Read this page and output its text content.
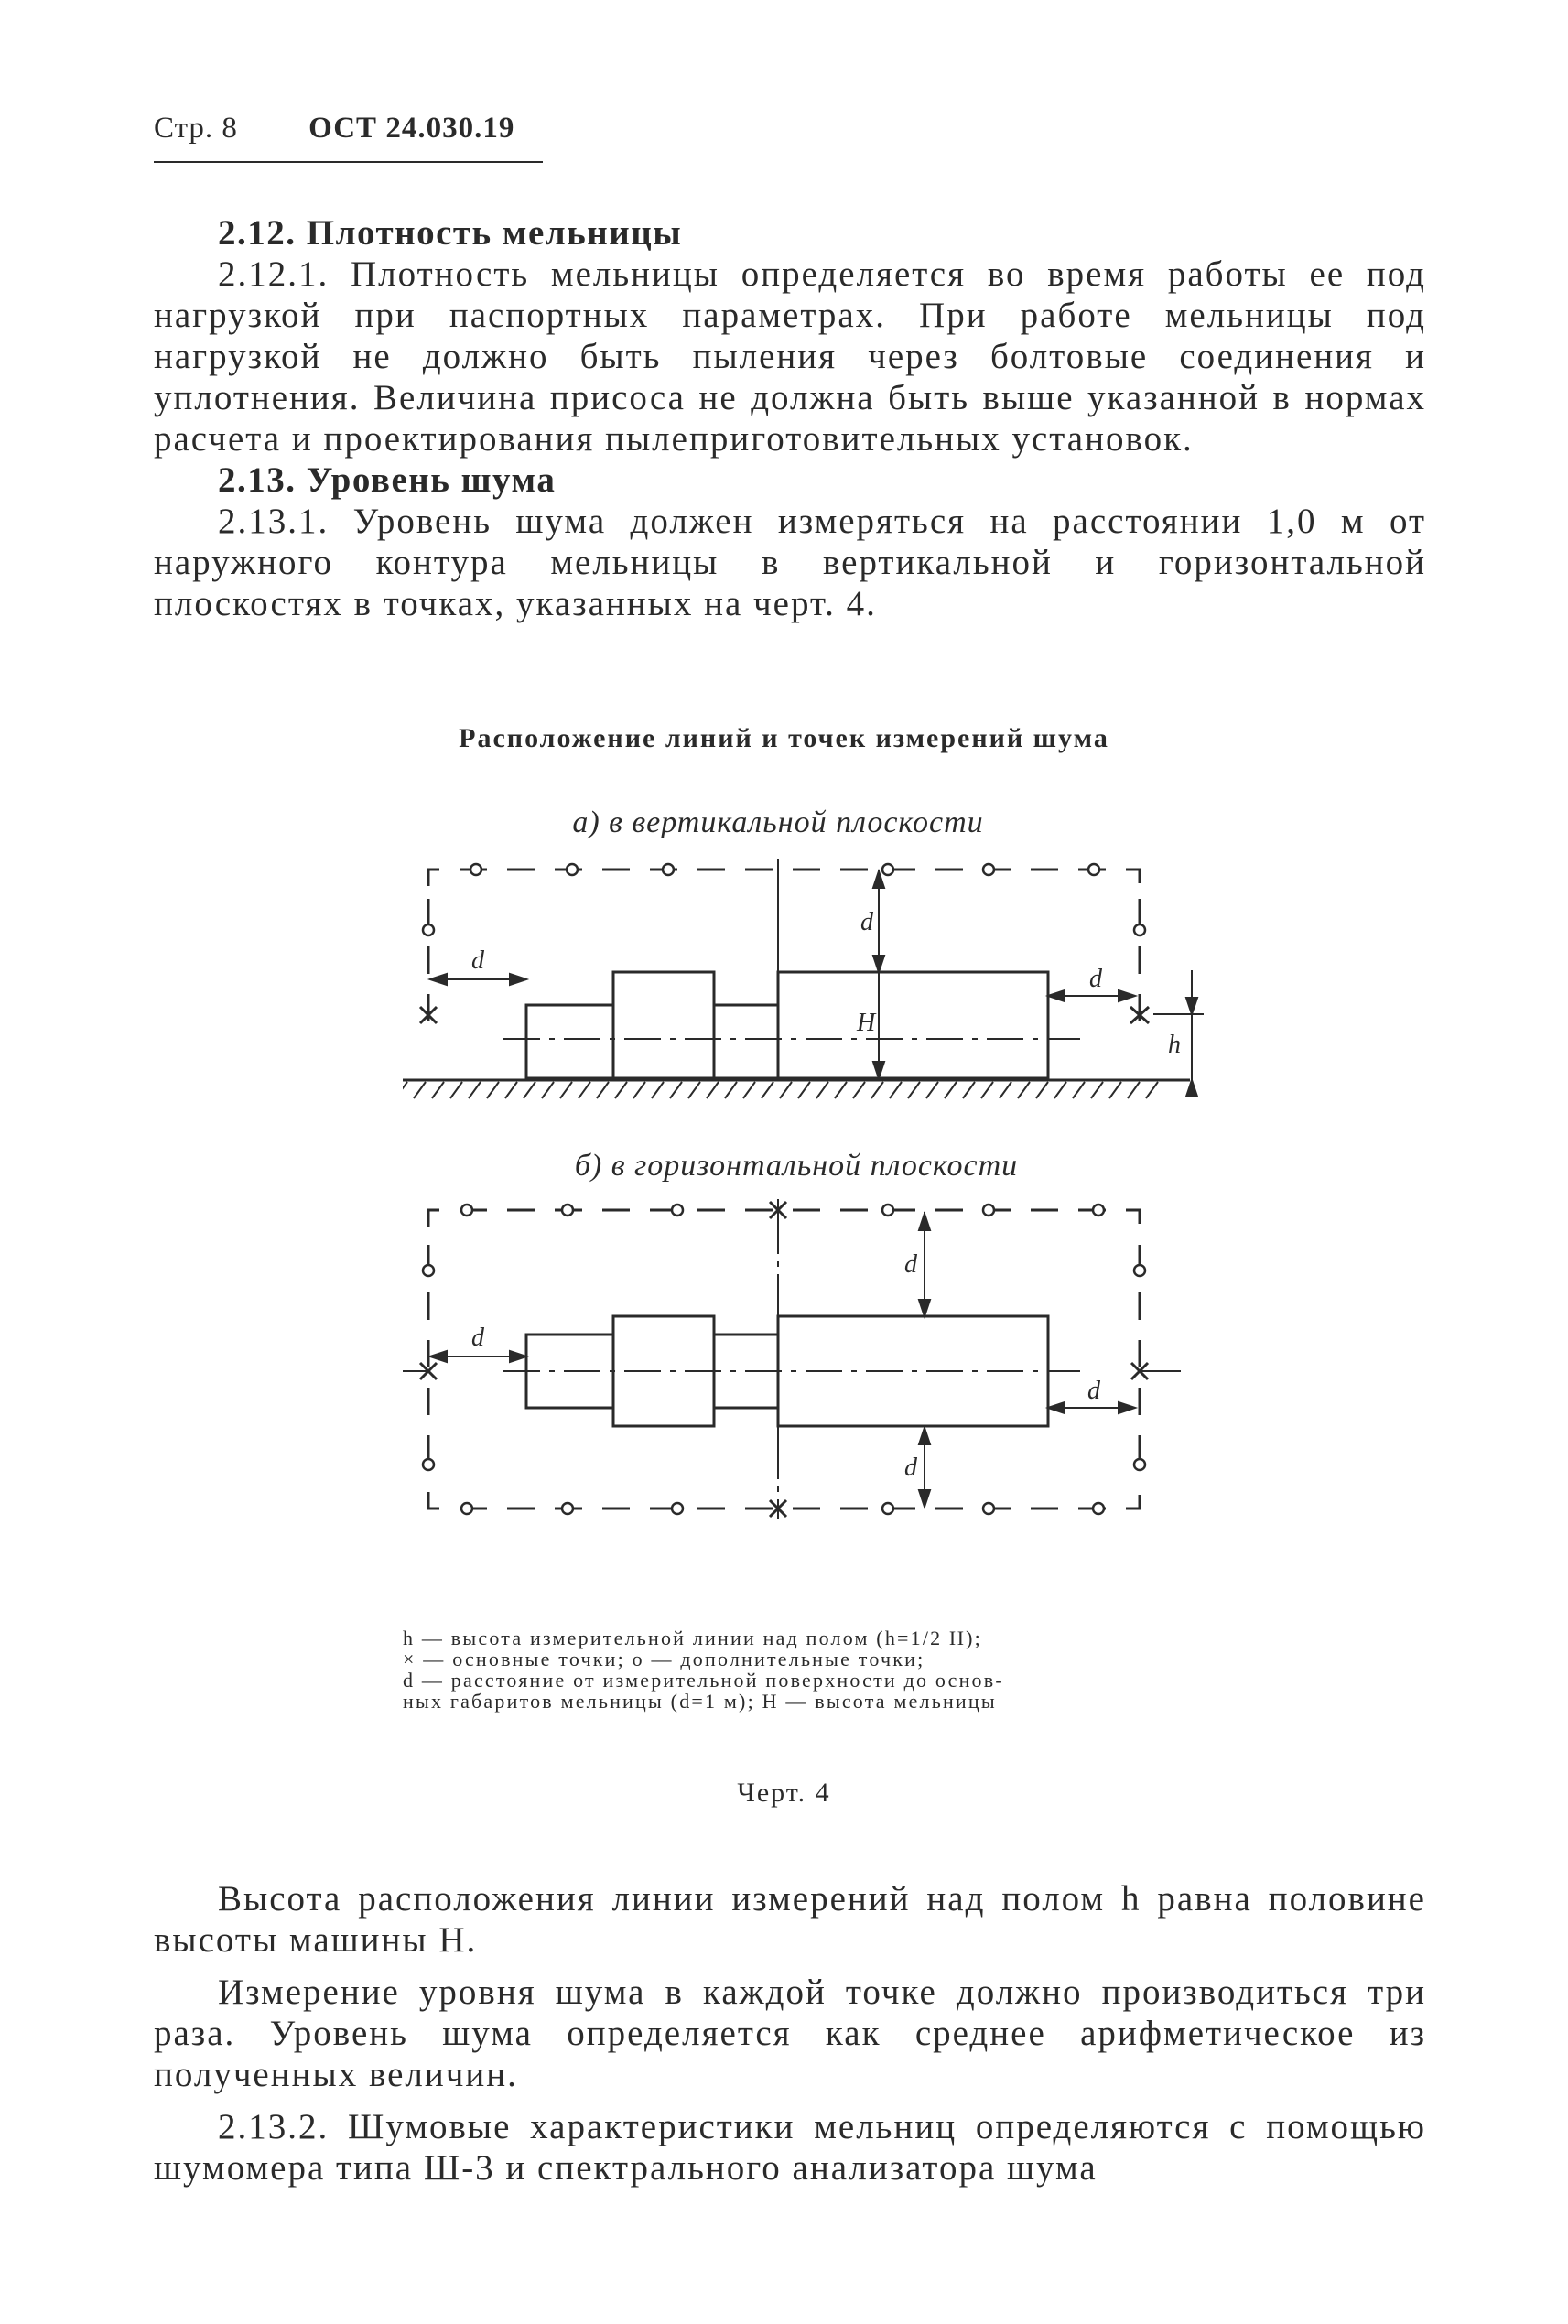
Стр. 8 ОСТ 24.030.19

2.12. Плотность мельницы

2.12.1. Плотность мельницы определяется во время работы ее под нагрузкой при паспортных параметрах. При работе мельницы под нагрузкой не должно быть пыления через болтовые соединения и уплотнения. Величина присоса не должна быть выше указанной в нормах расчета и проектирования пылеприготовительных установок.

2.13. Уровень шума

2.13.1. Уровень шума должен измеряться на расстоянии 1,0 м от наружного контура мельницы в вертикальной и горизонтальной плоскостях в точках, указанных на черт. 4.

Расположение линий и точек измерений шума
а) в вертикальной плоскости
б) в горизонтальной плоскости
d
d
d
H
h
d
d
d
d

h — высота измерительной линии над полом (h=1/2 H);

× — основные точки; о — дополнительные точки;

d — расстояние от измерительной поверхности до основ-

ных габаритов мельницы (d=1 м); H — высота мельницы

Черт. 4

Высота расположения линии измерений над полом h равна половине высоты машины H.

Измерение уровня шума в каждой точке должно производиться три раза. Уровень шума определяется как среднее арифметическое из полученных величин.

2.13.2. Шумовые характеристики мельниц определяются с помощью шумомера типа Ш-3 и спектрального анализатора шума
